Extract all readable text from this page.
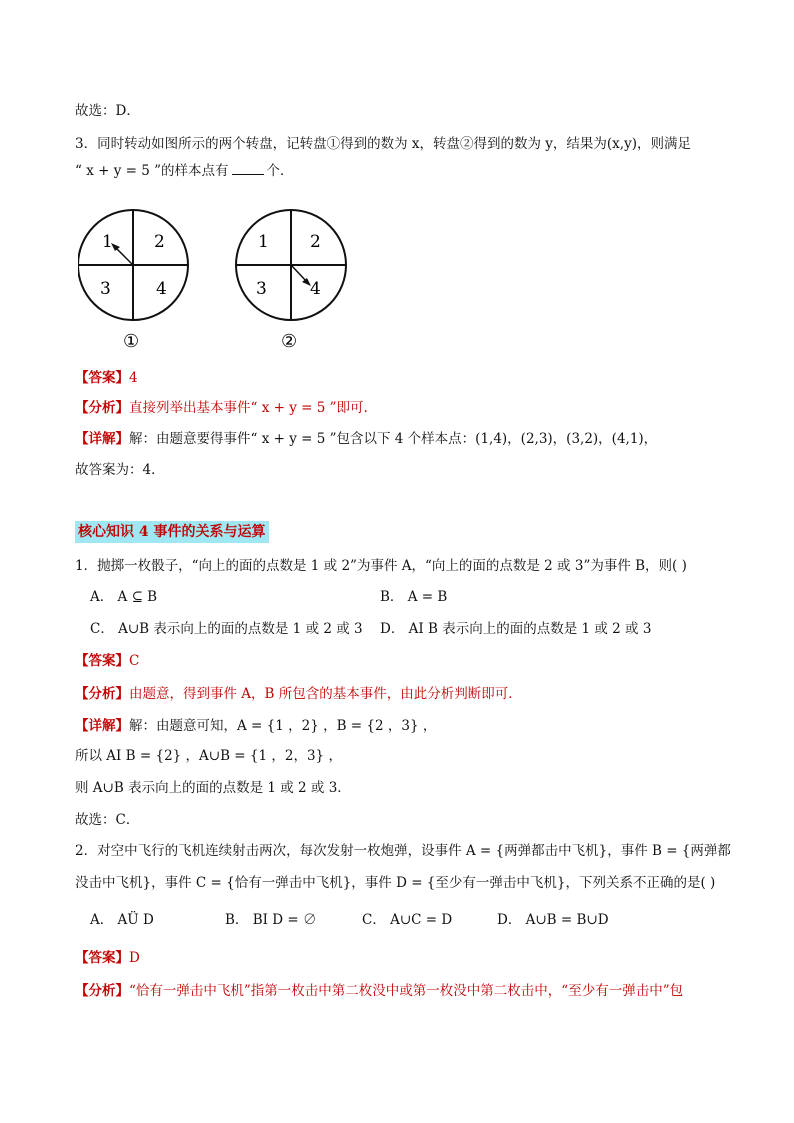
故选：D．
3．同时转动如图所示的两个转盘，记转盘①得到的数为 x，转盘②得到的数为 y，结果为(x,y)，则满足
“ x + y = 5 ”的样本点有	个．
1 2
3	4
①
1 2
3	4
②
【答案】4
【分析】直接列举出基本事件“ x + y = 5 ”即可.
【详解】解：由题意要得事件“ x + y = 5 ”包含以下 4 个样本点：(1,4)，(2,3)，(3,2)，(4,1)，
故答案为：4．
核心知识 4 事件的关系与运算
1．抛掷一枚骰子，“向上的面的点数是 1 或 2”为事件 A，“向上的面的点数是 2 或 3”为事件 B，则( )
A． A ⊆ B	B． A = B
C． A∪B 表示向上的面的点数是 1 或 2 或 3 D． AI B 表示向上的面的点数是 1 或 2 或 3
【答案】C
【分析】由题意，得到事件 A，B 所包含的基本事件，由此分析判断即可．
【详解】解：由题意可知，A = {1 ，2} ，B = {2 ，3} ，
所以 AI B = {2} ，A∪B = {1 ，2，3} ，
则 A∪B 表示向上的面的点数是 1 或 2 或 3．
故选：C．
2．对空中飞行的飞机连续射击两次，每次发射一枚炮弹，设事件 A = {两弹都击中飞机}，事件 B = {两弹都
没击中飞机}，事件 C = {恰有一弹击中飞机}，事件 D = {至少有一弹击中飞机}，下列关系不正确的是( )
A． AÜ D	B． BI D = ∅	C． A∪C = D	D． A∪B = B∪D
【答案】D
【分析】“恰有一弹击中飞机”指第一枚击中第二枚没中或第一枚没中第二枚击中，“至少有一弹击中”包
